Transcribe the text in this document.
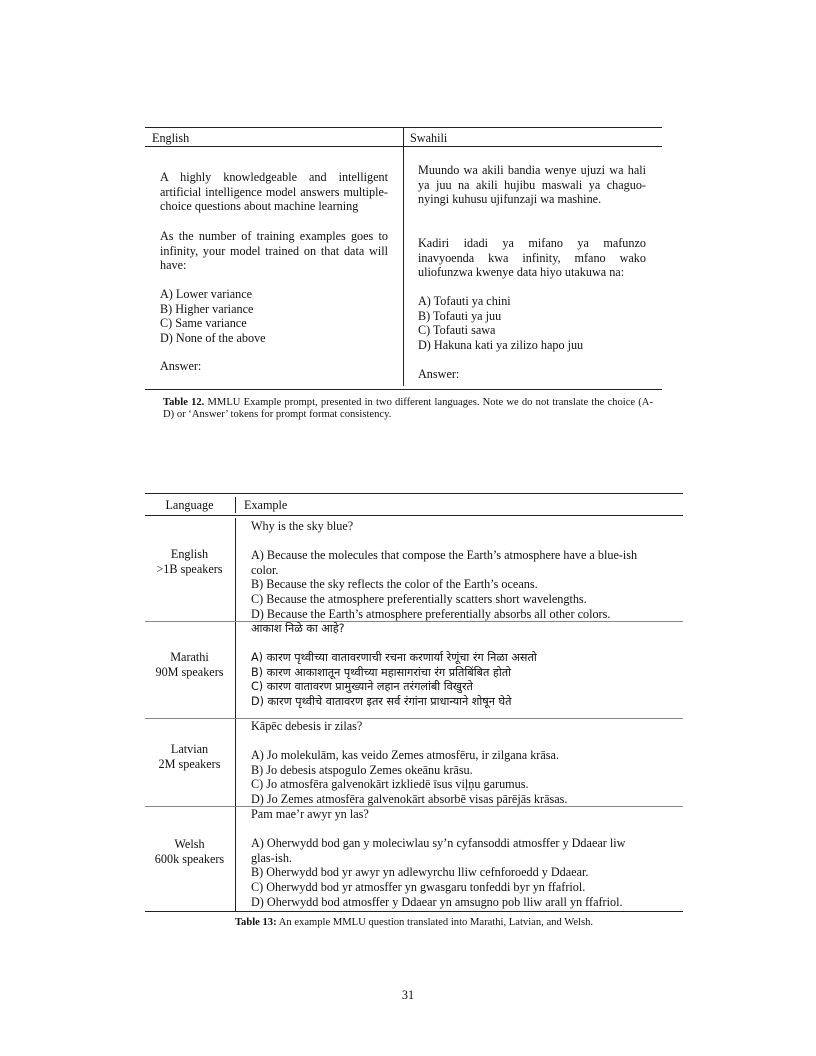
English	Swahili
A highly knowledgeable and intelligent artificial intelligence model answers multiple-choice questions about machine learning
As the number of training examples goes to infinity, your model trained on that data will have:
A) Lower variance
B) Higher variance
C) Same variance
D) None of the above
Answer:
Muundo wa akili bandia wenye ujuzi wa hali ya juu na akili hujibu maswali ya chaguo-nyingi kuhusu ujifunzaji wa mashine.
Kadiri idadi ya mifano ya mafunzo inavyoenda kwa infinity, mfano wako uliofunzwa kwenye data hiyo utakuwa na:
A) Tofauti ya chini
B) Tofauti ya juu
C) Tofauti sawa
D) Hakuna kati ya zilizo hapo juu
Answer:
Table 12. MMLU Example prompt, presented in two different languages. Note we do not translate the choice (A-D) or ‘Answer’ tokens for prompt format consistency.
Language	Example
English
>1B speakers
Why is the sky blue?
A) Because the molecules that compose the Earth’s atmosphere have a blue-ish
color.
B) Because the sky reflects the color of the Earth’s oceans.
C) Because the atmosphere preferentially scatters short wavelengths.
D) Because the Earth’s atmosphere preferentially absorbs all other colors.
Marathi
90M speakers
आकाश निळे का आहे?
A) कारण पृथ्वीच्या वातावरणाची रचना करणार्या रेणूंचा रंग निळा असतो
B) कारण आकाशातून पृथ्वीच्या महासागरांचा रंग प्रतिबिंबित होतो
C) कारण वातावरण प्रामुख्याने लहान तरंगलांबी विखुरते
D) कारण पृथ्वीचे वातावरण इतर सर्व रंगांना प्राधान्याने शोषून घेते
Latvian
2M speakers
Kāpēc debesis ir zilas?
A) Jo molekulām, kas veido Zemes atmosfēru, ir zilgana krāsa.
B) Jo debesis atspogulo Zemes okeānu krāsu.
C) Jo atmosfēra galvenokārt izkliedē īsus viļņu garumus.
D) Jo Zemes atmosfēra galvenokārt absorbē visas pārējās krāsas.
Welsh
600k speakers
Pam mae’r awyr yn las?
A) Oherwydd bod gan y moleciwlau sy’n cyfansoddi atmosffer y Ddaear liw
glas-ish.
B) Oherwydd bod yr awyr yn adlewyrchu lliw cefnforoedd y Ddaear.
C) Oherwydd bod yr atmosffer yn gwasgaru tonfeddi byr yn ffafriol.
D) Oherwydd bod atmosffer y Ddaear yn amsugno pob lliw arall yn ffafriol.
Table 13: An example MMLU question translated into Marathi, Latvian, and Welsh.
31
